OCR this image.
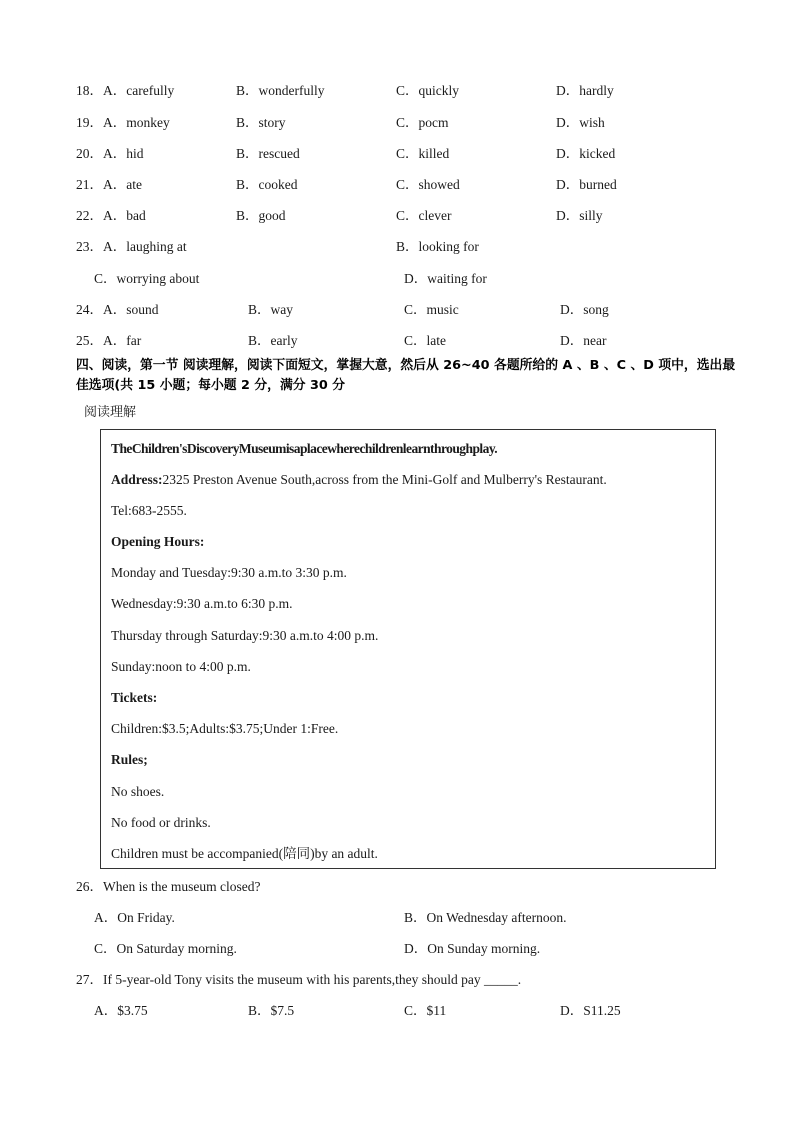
18．A．carefully	B．wonderfully	C．quickly	D．hardly
19．A．monkey	B．story	C．pocm	D．wish
20．A．hid	B．rescued	C．killed	D．kicked
21．A．ate	B．cooked	C．showed	D．burned
22．A．bad	B．good	C．clever	D．silly
23．A．laughing at	B．looking for
C．worrying about	D．waiting for
24．A．sound	B．way	C．music	D．song
25．A．far	B．early	C．late	D．near
四、阅读，第一节 阅读理解，阅读下面短文，掌握大意，然后从 26~40 各题所给的 A 、B 、C 、D 项中，选出最佳选项(共 15 小题；每小题 2 分，满分 30 分
阅读理解
TheChildren'sDiscoveryMuseumisaplacewherechildrenlearnthroughplay.
Address:2325 Preston Avenue South,across from the Mini-Golf and Mulberry's Restaurant.
Tel:683-2555.
Opening Hours:
Monday and Tuesday:9:30 a.m.to 3:30 p.m.
Wednesday:9:30 a.m.to 6:30 p.m.
Thursday through Saturday:9:30 a.m.to 4:00 p.m.
Sunday:noon to 4:00 p.m.
Tickets:
Children:$3.5;Adults:$3.75;Under 1:Free.
Rules;
No shoes.
No food or drinks.
Children must be accompanied(陪同)by an adult.
26．When is the museum closed?
A．On Friday.	B．On Wednesday afternoon.
C．On Saturday morning.	D．On Sunday morning.
27．If 5-year-old Tony visits the museum with his parents,they should pay _____.
A．$3.75	B．$7.5	C．$11	D．S11.25
